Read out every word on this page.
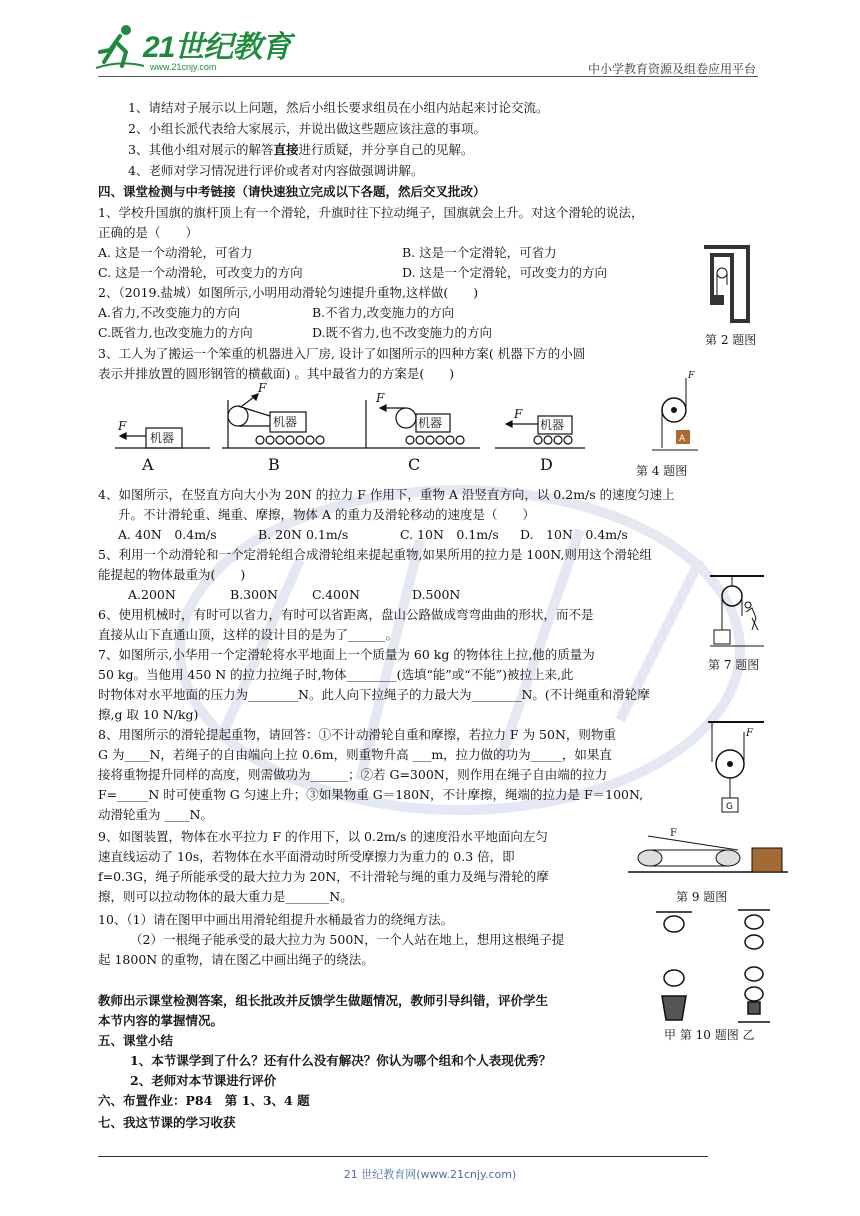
21世纪教育
www.21cnjy.com	中小学教育资源及组卷应用平台
1、请结对子展示以上问题，然后小组长要求组员在小组内站起来讨论交流。
2、小组长派代表给大家展示，并说出做这些题应该注意的事项。
3、其他小组对展示的解答直接进行质疑，并分享自己的见解。
4、老师对学习情况进行评价或者对内容做强调讲解。
四、课堂检测与中考链接（请快速独立完成以下各题，然后交叉批改）
1、学校升国旗的旗杆顶上有一个滑轮，升旗时往下拉动绳子，国旗就会上升。对这个滑轮的说法，
正确的是（　　）
A. 这是一个动滑轮，可省力	B. 这是一个定滑轮，可省力
C. 这是一个动滑轮，可改变力的方向	D. 这是一个定滑轮，可改变力的方向
2、（2019.盐城）如图所示,小明用动滑轮匀速提升重物,这样做(　　)
A.省力,不改变施力的方向	B.不省力,改变施力的方向
C.既省力,也改变施力的方向	D.既不省力,也不改变施力的方向
3、工人为了搬运一个笨重的机器进入厂房, 设计了如图所示的四种方案( 机器下方的小圆
表示并排放置的圆形钢管的横截面) 。其中最省力的方案是(　　)
机器
机器	机器	机器
F
F
F
F
A	B	C	D
第 2 题图
A
F
第 4 题图
4、如图所示，在竖直方向大小为 20N 的拉力 F 作用下，重物 A 沿竖直方向，以 0.2m/s 的速度匀速上
升。不计滑轮重、绳重、摩擦，物体 A 的重力及滑轮移动的速度是（　　）
A. 40N　0.4m/s	B. 20N 0.1m/s	C. 10N　0.1m/s D.　10N　0.4m/s
5、利用一个动滑轮和一个定滑轮组合成滑轮组来提起重物,如果所用的拉力是 100N,则用这个滑轮组
能提起的物体最重为(　　)
A.200N	B.300N	C.400N	D.500N
6、使用机械时，有时可以省力，有时可以省距离，盘山公路做成弯弯曲曲的形状，而不是
直接从山下直通山顶，这样的设计目的是为了______。
第 7 题图
7、如图所示,小华用一个定滑轮将水平地面上一个质量为 60 kg 的物体往上拉,他的质量为
50 kg。当他用 450 N 的拉力拉绳子时,物体________(选填“能”或“不能”)被拉上来,此
时物体对水平地面的压力为________N。此人向下拉绳子的力最大为________N。(不计绳重和滑轮摩
擦,g 取 10 N/kg)
F
G
8、用图所示的滑轮提起重物，请回答：①不计动滑轮自重和摩擦，若拉力 F 为 50N，则物重
G 为____N，若绳子的自由端向上拉 0.6m，则重物升高 ___m，拉力做的功为_____，如果直
接将重物提升同样的高度，则需做功为______；②若 G=300N，则作用在绳子自由端的拉力
F=_____N 时可使重物 G 匀速上升；③如果物重 G＝180N，不计摩擦，绳端的拉力是 F＝100N,
动滑轮重为 ____N。
F
第 9 题图
9、如图装置，物体在水平拉力 F 的作用下，以 0.2m/s 的速度沿水平地面向左匀
速直线运动了 10s，若物体在水平面滑动时所受摩擦力为重力的 0.3 倍，即
f=0.3G，绳子所能承受的最大拉力为 20N，不计滑轮与绳的重力及绳与滑轮的摩
擦，则可以拉动物体的最大重力是_______N。
10、（1）请在图甲中画出用滑轮组提升水桶最省力的绕绳方法。
（2）一根绳子能承受的最大拉力为 500N，一个人站在地上，想用这根绳子提
起 1800N 的重物，请在图乙中画出绳子的绕法。
甲 第 10 题图 乙
教师出示课堂检测答案，组长批改并反馈学生做题情况，教师引导纠错，评价学生
本节内容的掌握情况。
五、课堂小结
1、本节课学到了什么？还有什么没有解决？你认为哪个组和个人表现优秀？
2、老师对本节课进行评价
六、布置作业：P84　第 1、3、4 题
七、我这节课的学习收获
21 世纪教育网(www.21cnjy.com)
